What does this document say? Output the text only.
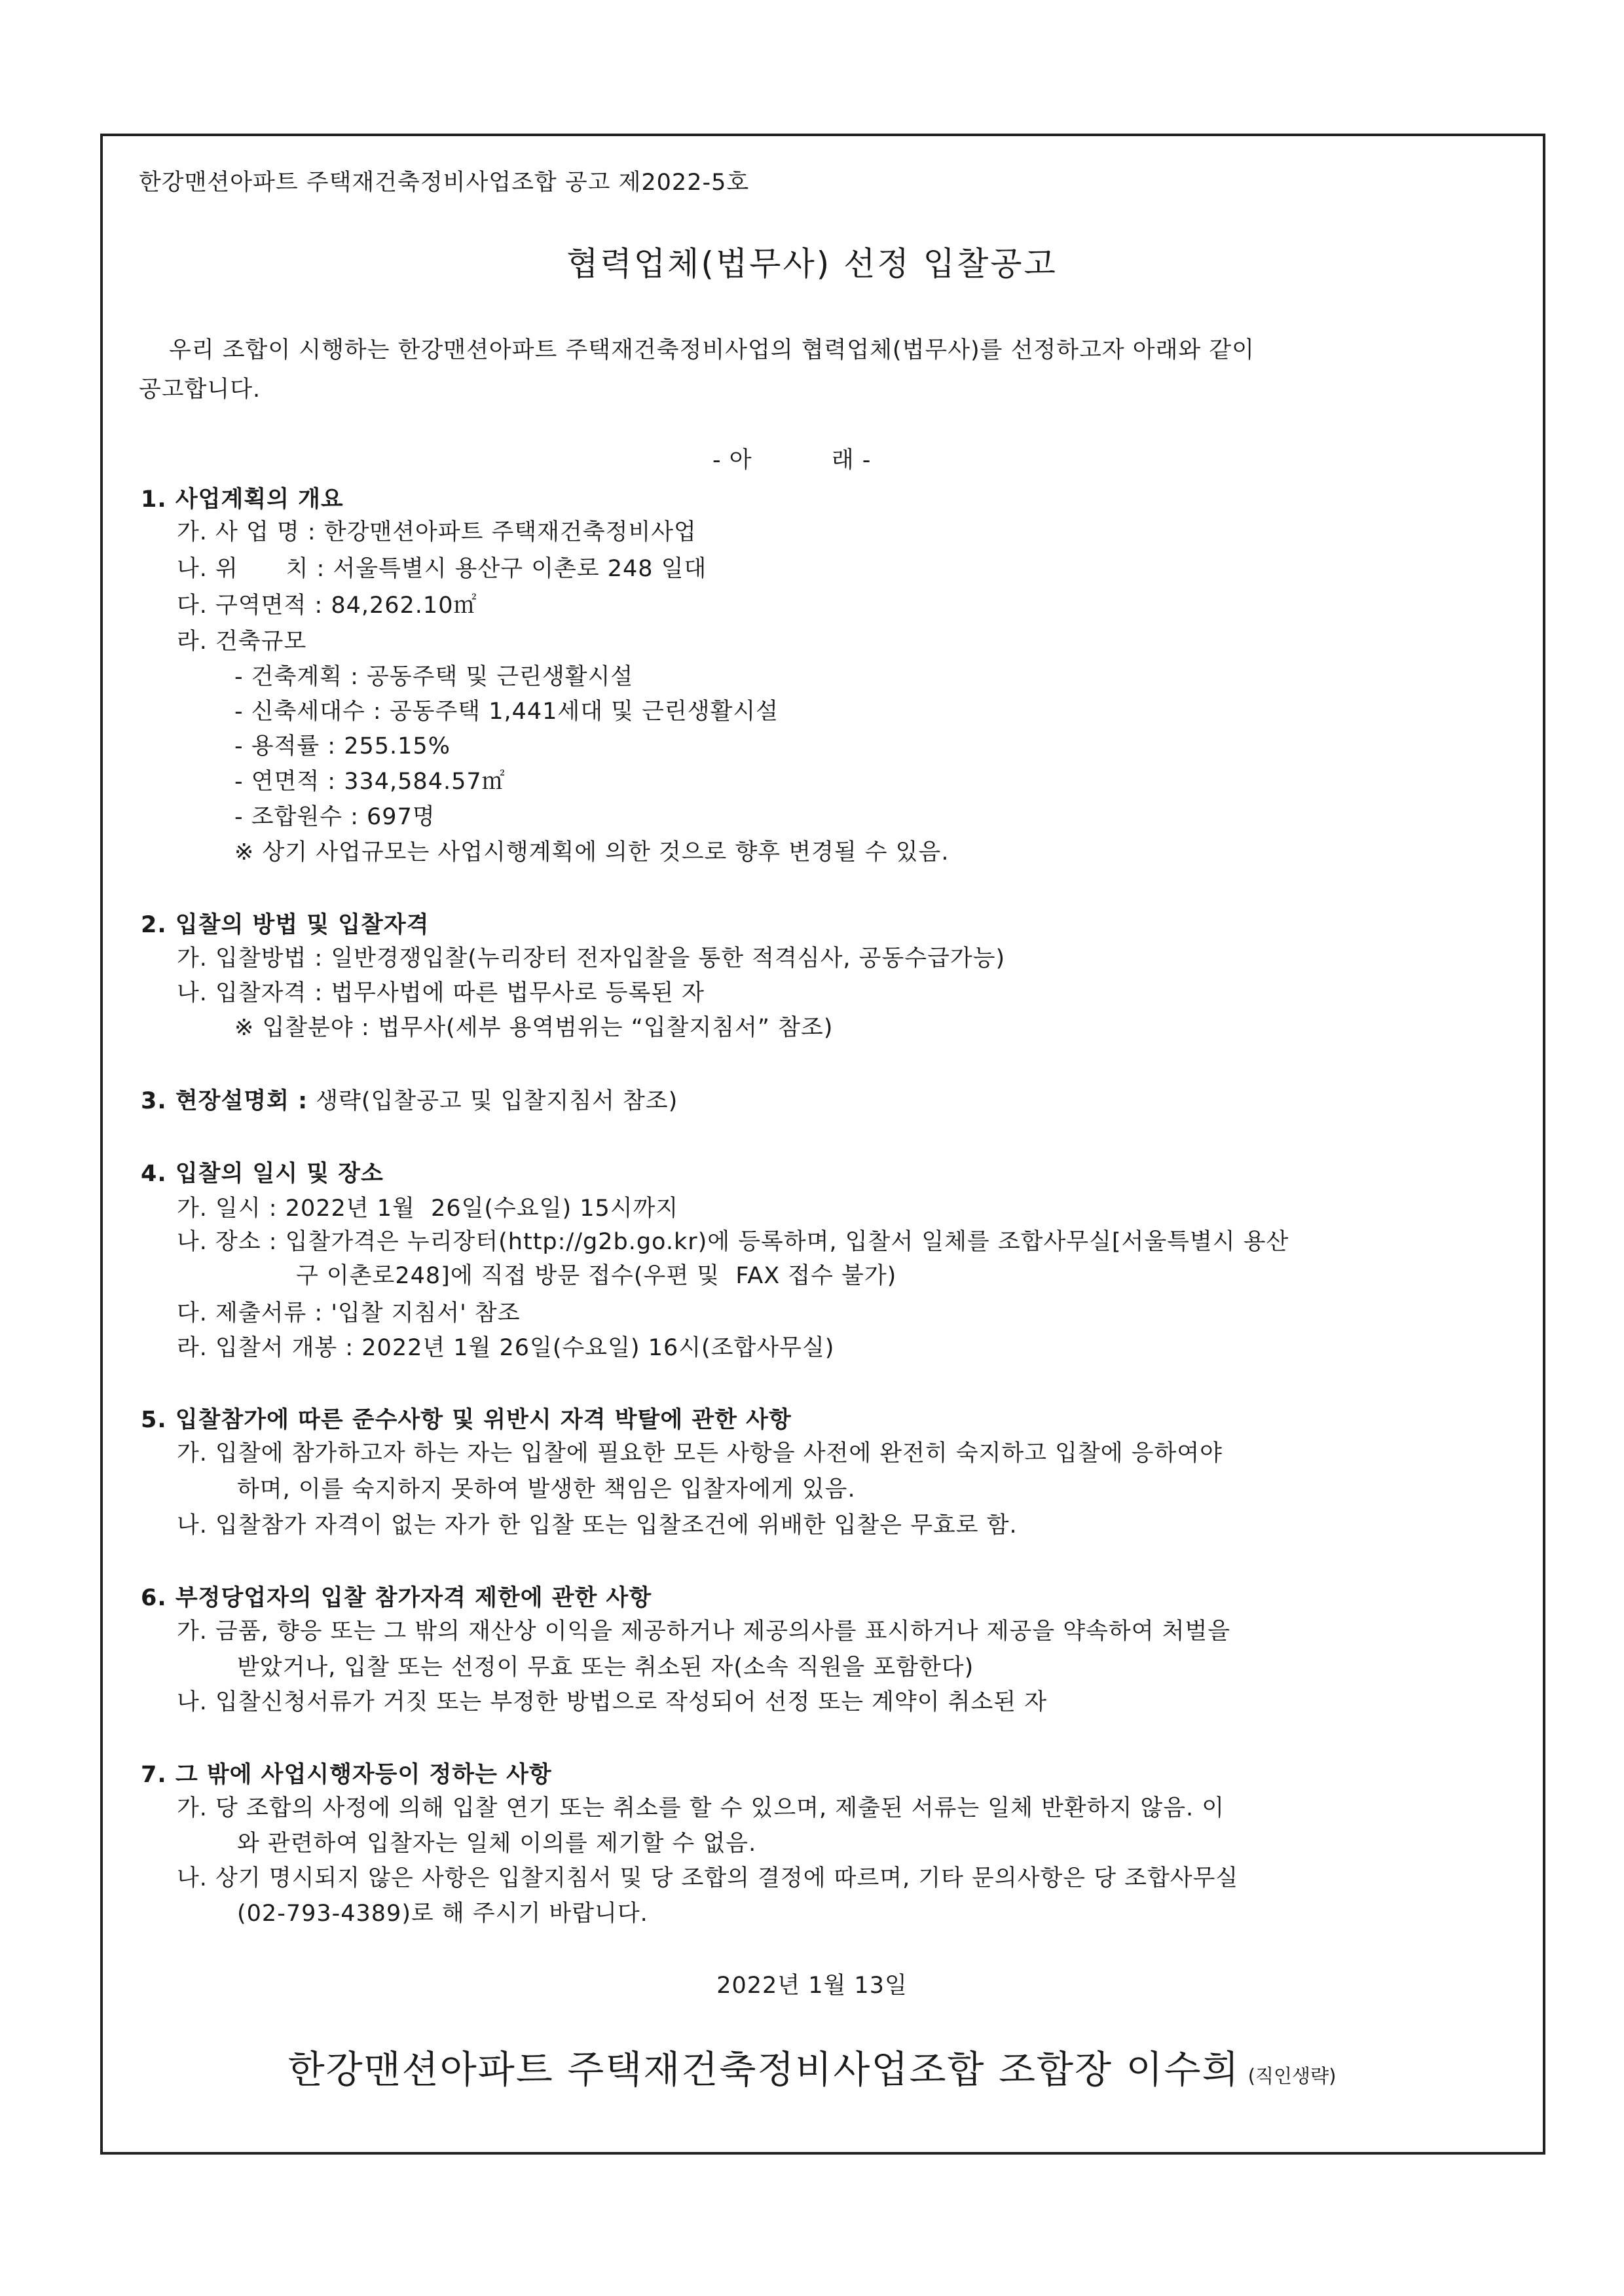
한강맨션아파트 주택재건축정비사업조합 공고 제2022-5호
협력업체(법무사) 선정 입찰공고
우리 조합이 시행하는 한강맨션아파트 주택재건축정비사업의 협력업체(법무사)를 선정하고자 아래와 같이
공고합니다.
- 아          래 -
1. 사업계획의 개요
가. 사 업 명 : 한강맨션아파트 주택재건축정비사업
나. 위      치 : 서울특별시 용산구 이촌로 248 일대
다. 구역면적 : 84,262.10㎡
라. 건축규모
- 건축계획 : 공동주택 및 근린생활시설
- 신축세대수 : 공동주택 1,441세대 및 근린생활시설
- 용적률 : 255.15%
- 연면적 : 334,584.57㎡
- 조합원수 : 697명
※ 상기 사업규모는 사업시행계획에 의한 것으로 향후 변경될 수 있음.
2. 입찰의 방법 및 입찰자격
가. 입찰방법 : 일반경쟁입찰(누리장터 전자입찰을 통한 적격심사, 공동수급가능)
나. 입찰자격 : 법무사법에 따른 법무사로 등록된 자
※ 입찰분야 : 법무사(세부 용역범위는 “입찰지침서” 참조)
3. 현장설명회 : 생략(입찰공고 및 입찰지침서 참조)
4. 입찰의 일시 및 장소
가. 일시 : 2022년 1월  26일(수요일) 15시까지
나. 장소 : 입찰가격은 누리장터(http://g2b.go.kr)에 등록하며, 입찰서 일체를 조합사무실[서울특별시 용산
구 이촌로248]에 직접 방문 접수(우편 및  FAX 접수 불가)
다. 제출서류 : '입찰 지침서' 참조
라. 입찰서 개봉 : 2022년 1월 26일(수요일) 16시(조합사무실)
5. 입찰참가에 따른 준수사항 및 위반시 자격 박탈에 관한 사항
가. 입찰에 참가하고자 하는 자는 입찰에 필요한 모든 사항을 사전에 완전히 숙지하고 입찰에 응하여야
하며, 이를 숙지하지 못하여 발생한 책임은 입찰자에게 있음.
나. 입찰참가 자격이 없는 자가 한 입찰 또는 입찰조건에 위배한 입찰은 무효로 함.
6. 부정당업자의 입찰 참가자격 제한에 관한 사항
가. 금품, 향응 또는 그 밖의 재산상 이익을 제공하거나 제공의사를 표시하거나 제공을 약속하여 처벌을
받았거나, 입찰 또는 선정이 무효 또는 취소된 자(소속 직원을 포함한다)
나. 입찰신청서류가 거짓 또는 부정한 방법으로 작성되어 선정 또는 계약이 취소된 자
7. 그 밖에 사업시행자등이 정하는 사항
가. 당 조합의 사정에 의해 입찰 연기 또는 취소를 할 수 있으며, 제출된 서류는 일체 반환하지 않음. 이
와 관련하여 입찰자는 일체 이의를 제기할 수 없음.
나. 상기 명시되지 않은 사항은 입찰지침서 및 당 조합의 결정에 따르며, 기타 문의사항은 당 조합사무실
(02-793-4389)로 해 주시기 바랍니다.
2022년 1월 13일
한강맨션아파트 주택재건축정비사업조합 조합장 이수희 (직인생략)
